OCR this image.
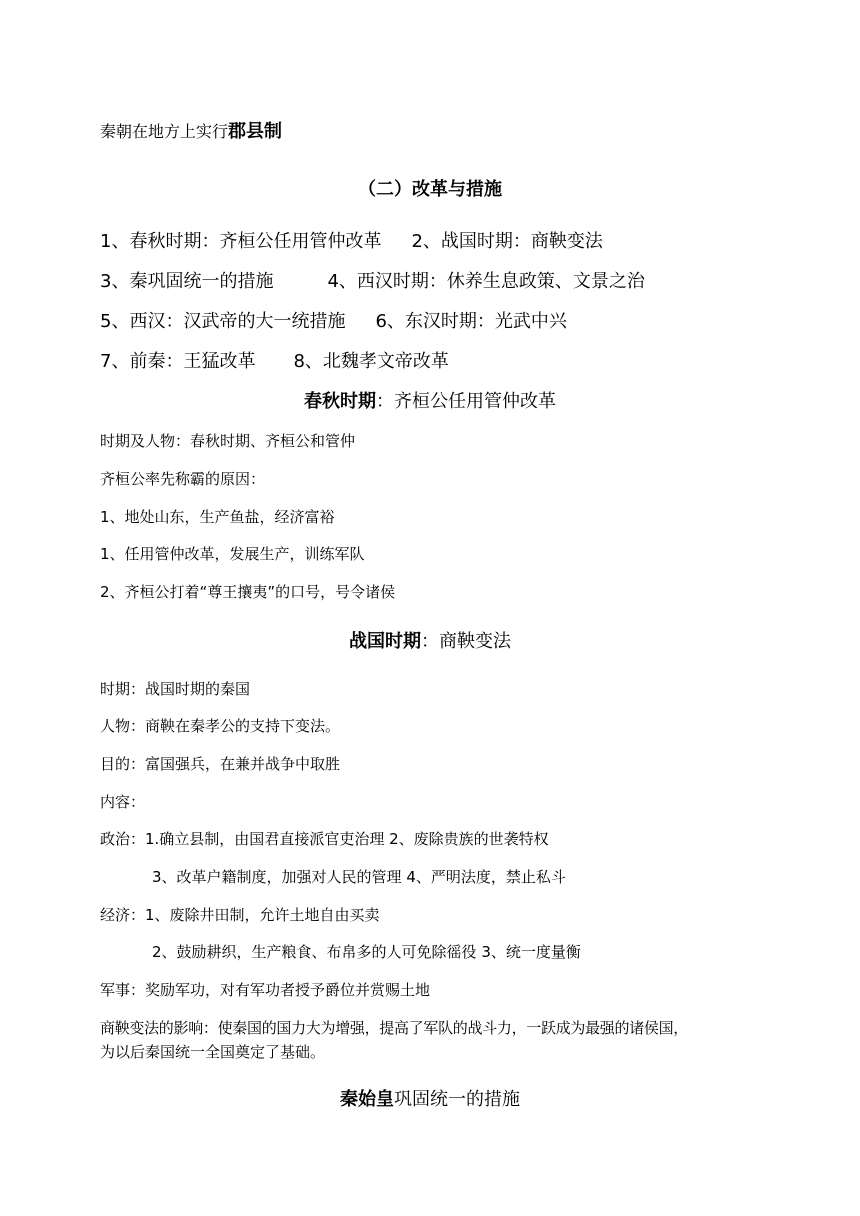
秦朝在地方上实行郡县制
（二）改革与措施
1、春秋时期：齐桓公任用管仲改革 2、战国时期：商鞅变法
3、秦巩固统一的措施	4、西汉时期：休养生息政策、文景之治
5、西汉：汉武帝的大一统措施 6、东汉时期：光武中兴
7、前秦：王猛改革 8、北魏孝文帝改革
春秋时期：齐桓公任用管仲改革
时期及人物：春秋时期、齐桓公和管仲
齐桓公率先称霸的原因：
1、地处山东，生产鱼盐，经济富裕
1、任用管仲改革，发展生产，训练军队
2、齐桓公打着“尊王攘夷”的口号，号令诸侯
战国时期：商鞅变法
时期：战国时期的秦国
人物：商鞅在秦孝公的支持下变法。
目的：富国强兵，在兼并战争中取胜
内容：
政治：1.确立县制，由国君直接派官吏治理 2、废除贵族的世袭特权
3、改革户籍制度，加强对人民的管理 4、严明法度，禁止私斗
经济：1、废除井田制，允许土地自由买卖
2、鼓励耕织，生产粮食、布帛多的人可免除徭役 3、统一度量衡
军事：奖励军功，对有军功者授予爵位并赏赐土地
商鞅变法的影响：使秦国的国力大为增强，提高了军队的战斗力，一跃成为最强的诸侯国，
为以后秦国统一全国奠定了基础。
秦始皇巩固统一的措施
